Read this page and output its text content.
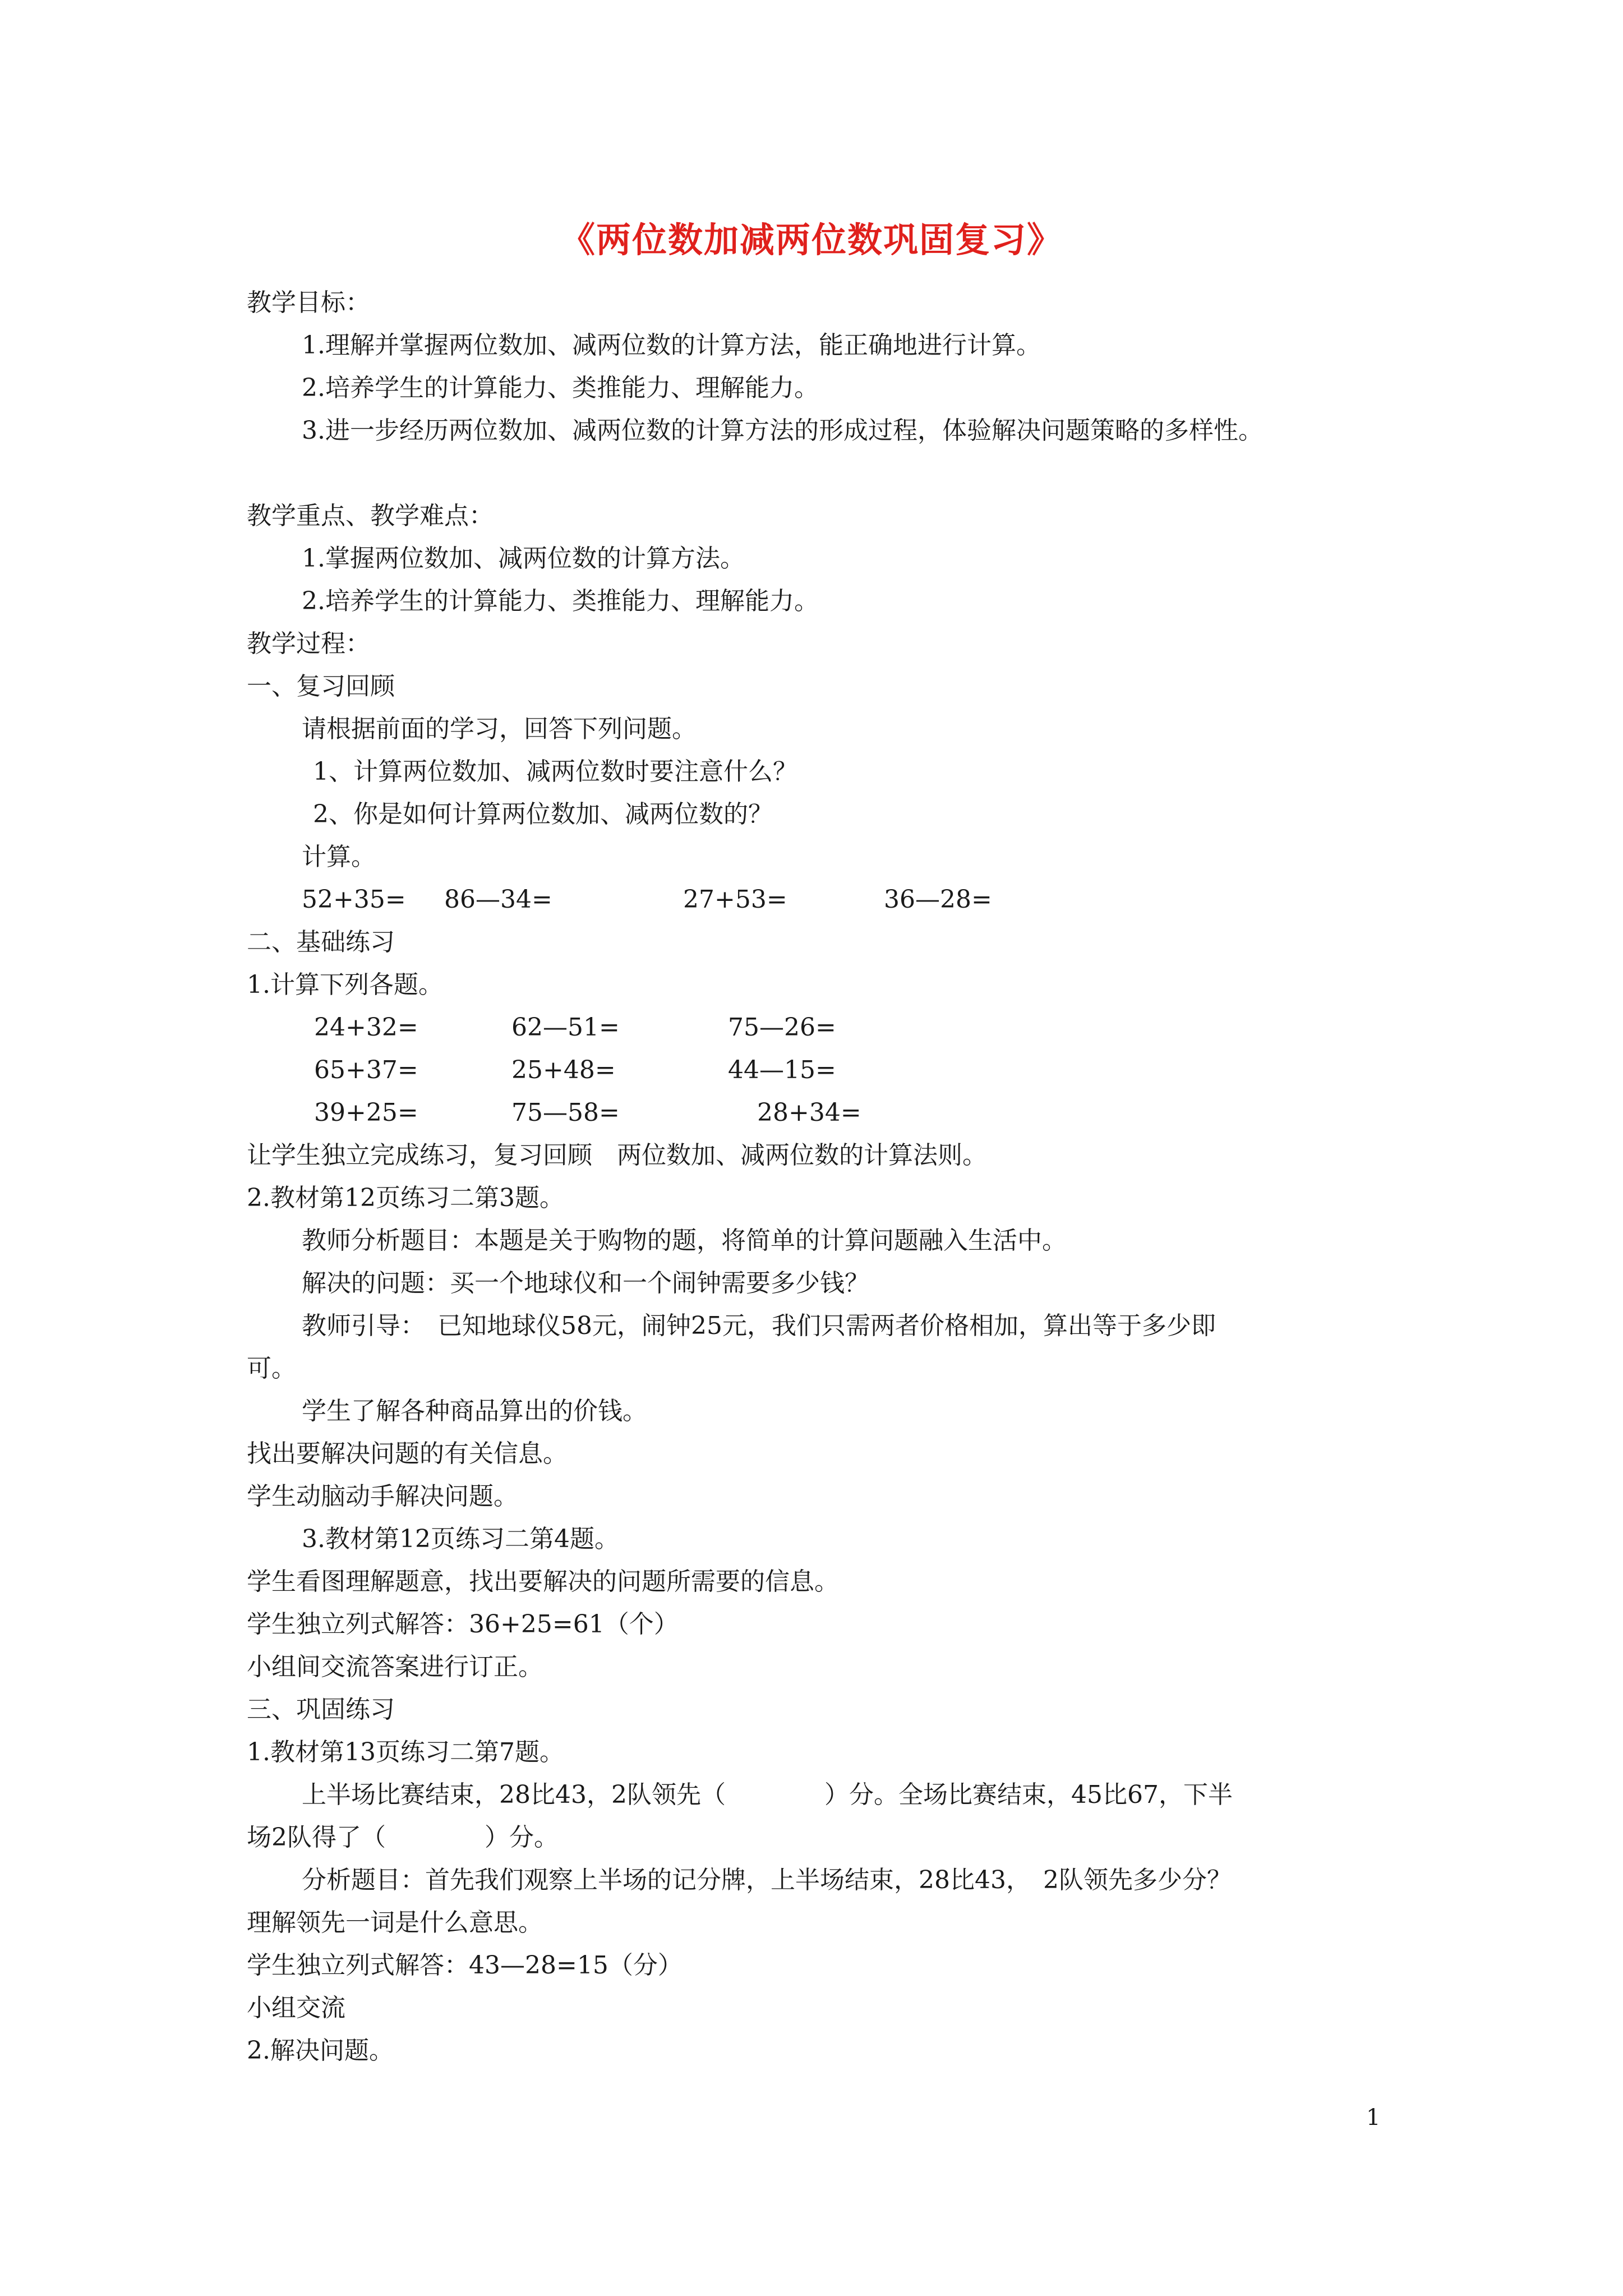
《两位数加减两位数巩固复习》
教学目标：
1.理解并掌握两位数加、减两位数的计算方法，能正确地进行计算。
2.培养学生的计算能力、类推能力、理解能力。
3.进一步经历两位数加、减两位数的计算方法的形成过程，体验解决问题策略的多样性。
教学重点、教学难点：
1.掌握两位数加、减两位数的计算方法。
2.培养学生的计算能力、类推能力、理解能力。
教学过程：
一、复习回顾
请根据前面的学习，回答下列问题。
1、计算两位数加、减两位数时要注意什么？
2、你是如何计算两位数加、减两位数的？
计算。
52+35= 86—34=	27+53=	36—28=
二、基础练习
1.计算下列各题。
24+32=	62—51=	75—26=
65+37=	25+48=	44—15=
39+25=	75—58=	28+34=
让学生独立完成练习，复习回顾　两位数加、减两位数的计算法则。
2.教材第12页练习二第3题。
教师分析题目：本题是关于购物的题，将简单的计算问题融入生活中。
解决的问题：买一个地球仪和一个闹钟需要多少钱？
教师引导：　已知地球仪58元，闹钟25元，我们只需两者价格相加，算出等于多少即
可。
学生了解各种商品算出的价钱。
找出要解决问题的有关信息。
学生动脑动手解决问题。
3.教材第12页练习二第4题。
学生看图理解题意，找出要解决的问题所需要的信息。
学生独立列式解答：36+25=61（个）
小组间交流答案进行订正。
三、巩固练习
1.教材第13页练习二第7题。
上半场比赛结束，28比43，2队领先（　　　　）分。全场比赛结束，45比67，下半
场2队得了（　　　　）分。
分析题目：首先我们观察上半场的记分牌，上半场结束，28比43，　2队领先多少分？
理解领先一词是什么意思。
学生独立列式解答：43—28=15（分）
小组交流
2.解决问题。
1
